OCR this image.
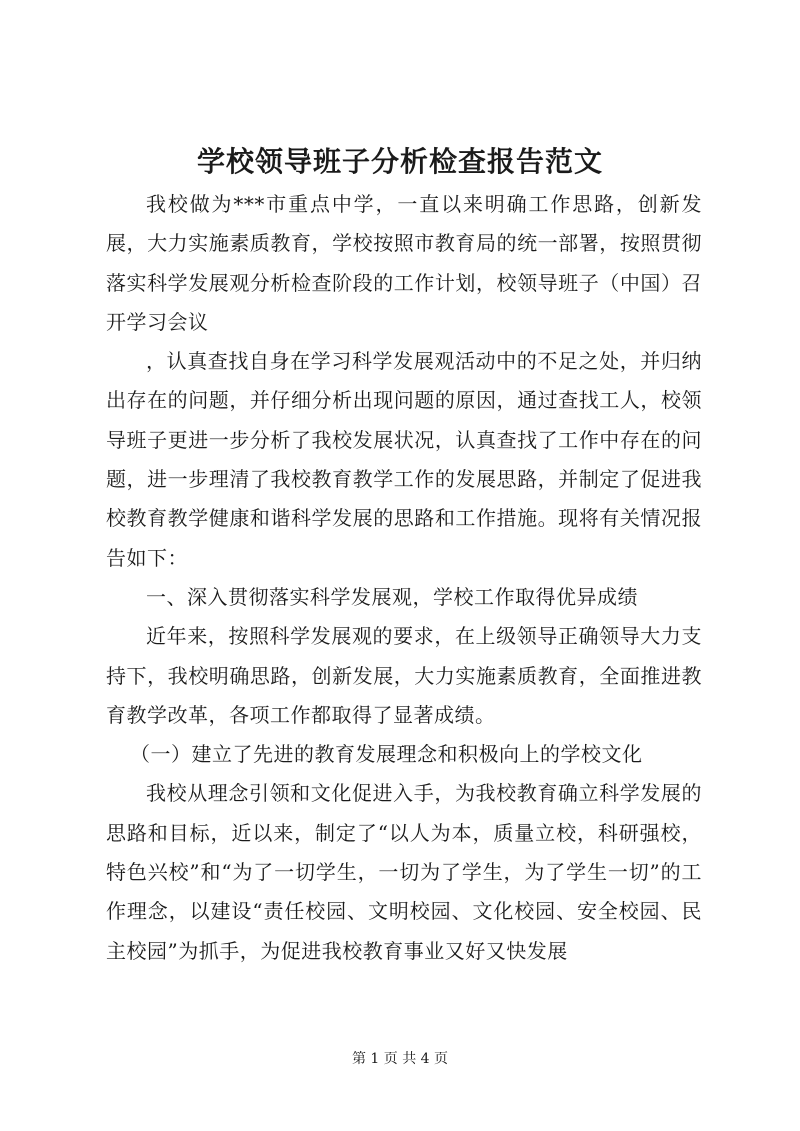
学校领导班子分析检查报告范文

我校做为***市重点中学，一直以来明确工作思路，创新发展，大力实施素质教育，学校按照市教育局的统一部署，按照贯彻落实科学发展观分析检查阶段的工作计划，校领导班子（中国）召开学习会议

，认真查找自身在学习科学发展观活动中的不足之处，并归纳出存在的问题，并仔细分析出现问题的原因，通过查找工人，校领导班子更进一步分析了我校发展状况，认真查找了工作中存在的问题，进一步理清了我校教育教学工作的发展思路，并制定了促进我校教育教学健康和谐科学发展的思路和工作措施。现将有关情况报告如下：

一、深入贯彻落实科学发展观，学校工作取得优异成绩

近年来，按照科学发展观的要求，在上级领导正确领导大力支持下，我校明确思路，创新发展，大力实施素质教育，全面推进教育教学改革，各项工作都取得了显著成绩。

（一）建立了先进的教育发展理念和积极向上的学校文化

我校从理念引领和文化促进入手，为我校教育确立科学发展的思路和目标，近以来，制定了“以人为本，质量立校，科研强校，特色兴校”和“为了一切学生，一切为了学生，为了学生一切”的工作理念，以建设“责任校园、文明校园、文化校园、安全校园、民主校园”为抓手，为促进我校教育事业又好又快发展

第 1 页 共 4 页
